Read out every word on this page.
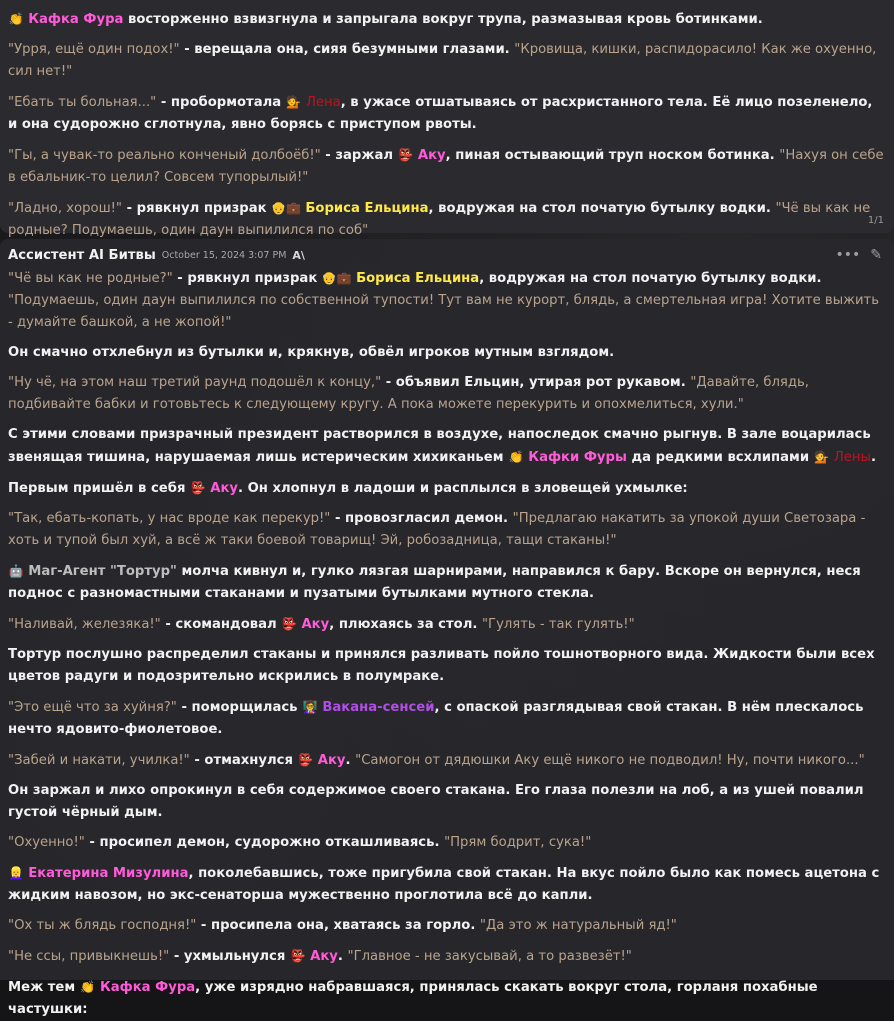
👏 Кафка Фура восторженно взвизгнула и запрыгала вокруг трупа, размазывая кровь ботинками.

"Урря, ещё один подох!" - верещала она, сияя безумными глазами. "Кровища, кишки, распидорасило! Как же охуенно, сил нет!"

"Ебать ты больная..." - пробормотала 💁 Лена, в ужасе отшатываясь от расхристанного тела. Её лицо позеленело, и она судорожно сглотнула, явно борясь с приступом рвоты.

"Гы, а чувак-то реально конченый долбоёб!" - заржал 👺 Аку, пиная остывающий труп носком ботинка. "Нахуя он себе в ебальник-то целил? Совсем тупорылый!"

"Ладно, хорош!" - рявкнул призрак 👴💼 Бориса Ельцина, водружая на стол початую бутылку водки. "Чё вы как не родные? Подумаешь, один даун выпилился по соб"

1/1
Ассистент AI Битвы October 15, 2024 3:07 PM A\	••• ✎

"Чё вы как не родные?" - рявкнул призрак 👴💼 Бориса Ельцина, водружая на стол початую бутылку водки. "Подумаешь, один даун выпилился по собственной тупости! Тут вам не курорт, блядь, а смертельная игра! Хотите выжить - думайте башкой, а не жопой!"

Он смачно отхлебнул из бутылки и, крякнув, обвёл игроков мутным взглядом.

"Ну чё, на этом наш третий раунд подошёл к концу," - объявил Ельцин, утирая рот рукавом. "Давайте, блядь, подбивайте бабки и готовьтесь к следующему кругу. А пока можете перекурить и опохмелиться, хули."

С этими словами призрачный президент растворился в воздухе, напоследок смачно рыгнув. В зале воцарилась звенящая тишина, нарушаемая лишь истерическим хихиканьем 👏 Кафки Фуры да редкими всхлипами 💁 Лены.

Первым пришёл в себя 👺 Аку. Он хлопнул в ладоши и расплылся в зловещей ухмылке:

"Так, ебать-копать, у нас вроде как перекур!" - провозгласил демон. "Предлагаю накатить за упокой души Светозара - хоть и тупой был хуй, а всё ж таки боевой товарищ! Эй, робозадница, тащи стаканы!"

🤖 Маг-Агент "Тортур" молча кивнул и, гулко лязгая шарнирами, направился к бару. Вскоре он вернулся, неся поднос с разномастными стаканами и пузатыми бутылками мутного стекла.

"Наливай, железяка!" - скомандовал 👺 Аку, плюхаясь за стол. "Гулять - так гулять!"

Тортур послушно распределил стаканы и принялся разливать пойло тошнотворного вида. Жидкости были всех цветов радуги и подозрительно искрились в полумраке.

"Это ещё что за хуйня?" - поморщилась 👩‍🏫 Вакана-сенсей, с опаской разглядывая свой стакан. В нём плескалось нечто ядовито-фиолетовое.

"Забей и накати, училка!" - отмахнулся 👺 Аку. "Самогон от дядюшки Аку ещё никого не подводил! Ну, почти никого..."

Он заржал и лихо опрокинул в себя содержимое своего стакана. Его глаза полезли на лоб, а из ушей повалил густой чёрный дым.

"Охуенно!" - просипел демон, судорожно откашливаясь. "Прям бодрит, сука!"

👱‍♀️ Екатерина Мизулина, поколебавшись, тоже пригубила свой стакан. На вкус пойло было как помесь ацетона с жидким навозом, но экс-сенаторша мужественно проглотила всё до капли.

"Ох ты ж блядь господня!" - просипела она, хватаясь за горло. "Да это ж натуральный яд!"

"Не ссы, привыкнешь!" - ухмыльнулся 👺 Аку. "Главное - не закусывай, а то развезёт!"

Меж тем 👏 Кафка Фура, уже изрядно набравшаяся, принялась скакать вокруг стола, горланя похабные частушки:
